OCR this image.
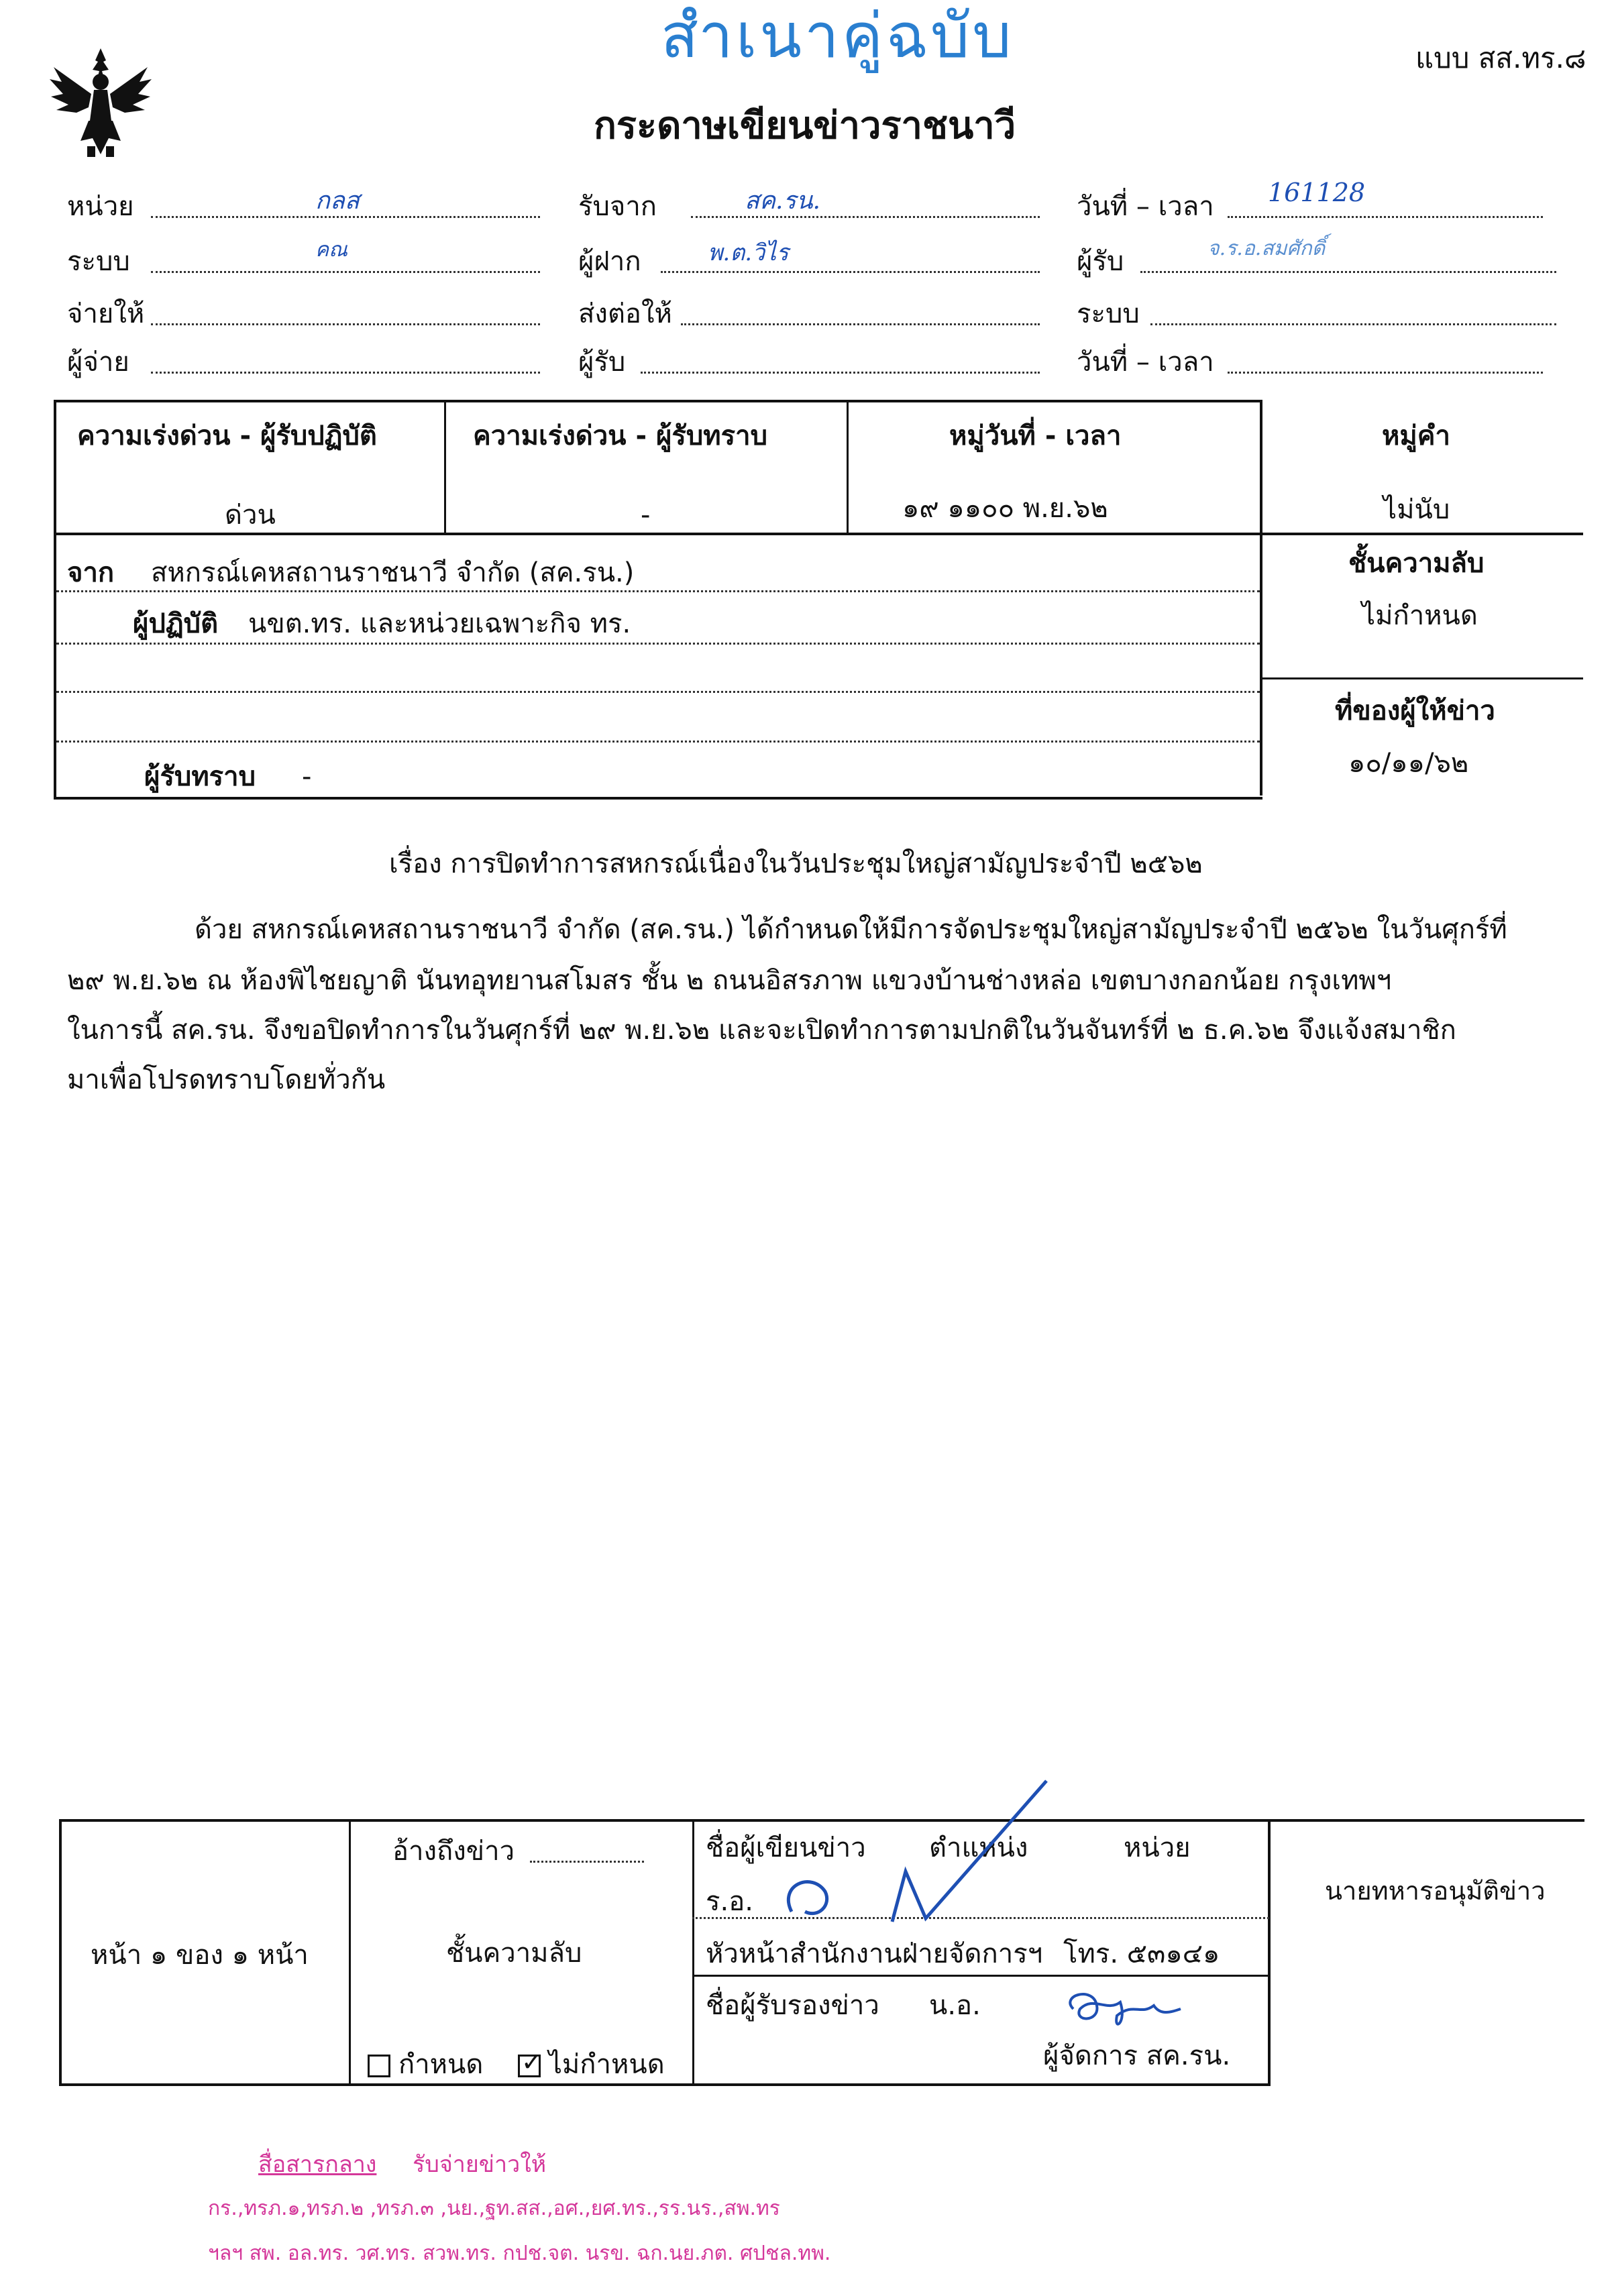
สำเนาคู่ฉบับ	แบบ สส.ทร.๘
กระดาษเขียนข่าวราชนาวี
หน่วย	กลส	รับจาก	สค.รน.	วันที่ – เวลา 161128
ระบบ	คณ	ผู้ฝาก	พ.ต.วิไร	ผู้รับ	จ.ร.อ.สมศักดิ์
จ่ายให้	ส่งต่อให้	ระบบ
ผู้จ่าย	ผู้รับ	วันที่ – เวลา
ความเร่งด่วน - ผู้รับปฏิบัติ	ความเร่งด่วน - ผู้รับทราบ	หมู่วันที่ - เวลา	หมู่คำ
ด่วน	-	๑๙ ๑๑๐๐ พ.ย.๖๒	ไม่นับ
จาก สหกรณ์เคหสถานราชนาวี จำกัด (สค.รน.)
ผู้ปฏิบัติ นขต.ทร. และหน่วยเฉพาะกิจ ทร.
ผู้รับทราบ -
ชั้นความลับ
ไม่กำหนด
ที่ของผู้ให้ข่าว
๑๐/๑๑/๖๒
เรื่อง การปิดทำการสหกรณ์เนื่องในวันประชุมใหญ่สามัญประจำปี ๒๕๖๒
ด้วย สหกรณ์เคหสถานราชนาวี จำกัด (สค.รน.) ได้กำหนดให้มีการจัดประชุมใหญ่สามัญประจำปี ๒๕๖๒ ในวันศุกร์ที่
๒๙ พ.ย.๖๒ ณ ห้องพิไชยญาติ นันทอุทยานสโมสร ชั้น ๒ ถนนอิสรภาพ แขวงบ้านช่างหล่อ เขตบางกอกน้อย กรุงเทพฯ
ในการนี้ สค.รน. จึงขอปิดทำการในวันศุกร์ที่ ๒๙ พ.ย.๖๒ และจะเปิดทำการตามปกติในวันจันทร์ที่ ๒ ธ.ค.๖๒ จึงแจ้งสมาชิก
มาเพื่อโปรดทราบโดยทั่วกัน
หน้า ๑ ของ ๑ หน้า
อ้างถึงข่าว
ชั้นความลับ
กำหนด ✓ ไม่กำหนด
ชื่อผู้เขียนข่าว ตำแหน่ง	หน่วย
ร.อ.
หัวหน้าสำนักงานฝ่ายจัดการฯ โทร. ๕๓๑๔๑
ชื่อผู้รับรองข่าว น.อ.
ผู้จัดการ สค.รน.
นายทหารอนุมัติข่าว
สื่อสารกลาง รับจ่ายข่าวให้
กร.,ทรภ.๑,ทรภ.๒ ,ทรภ.๓ ,นย.,ฐท.สส.,อศ.,ยศ.ทร.,รร.นร.,สพ.ทร
ฯลฯ สพ. อล.ทร. วศ.ทร. สวพ.ทร. กปช.จต. นรข. ฉก.นย.ภต. ศปชล.ทพ.
